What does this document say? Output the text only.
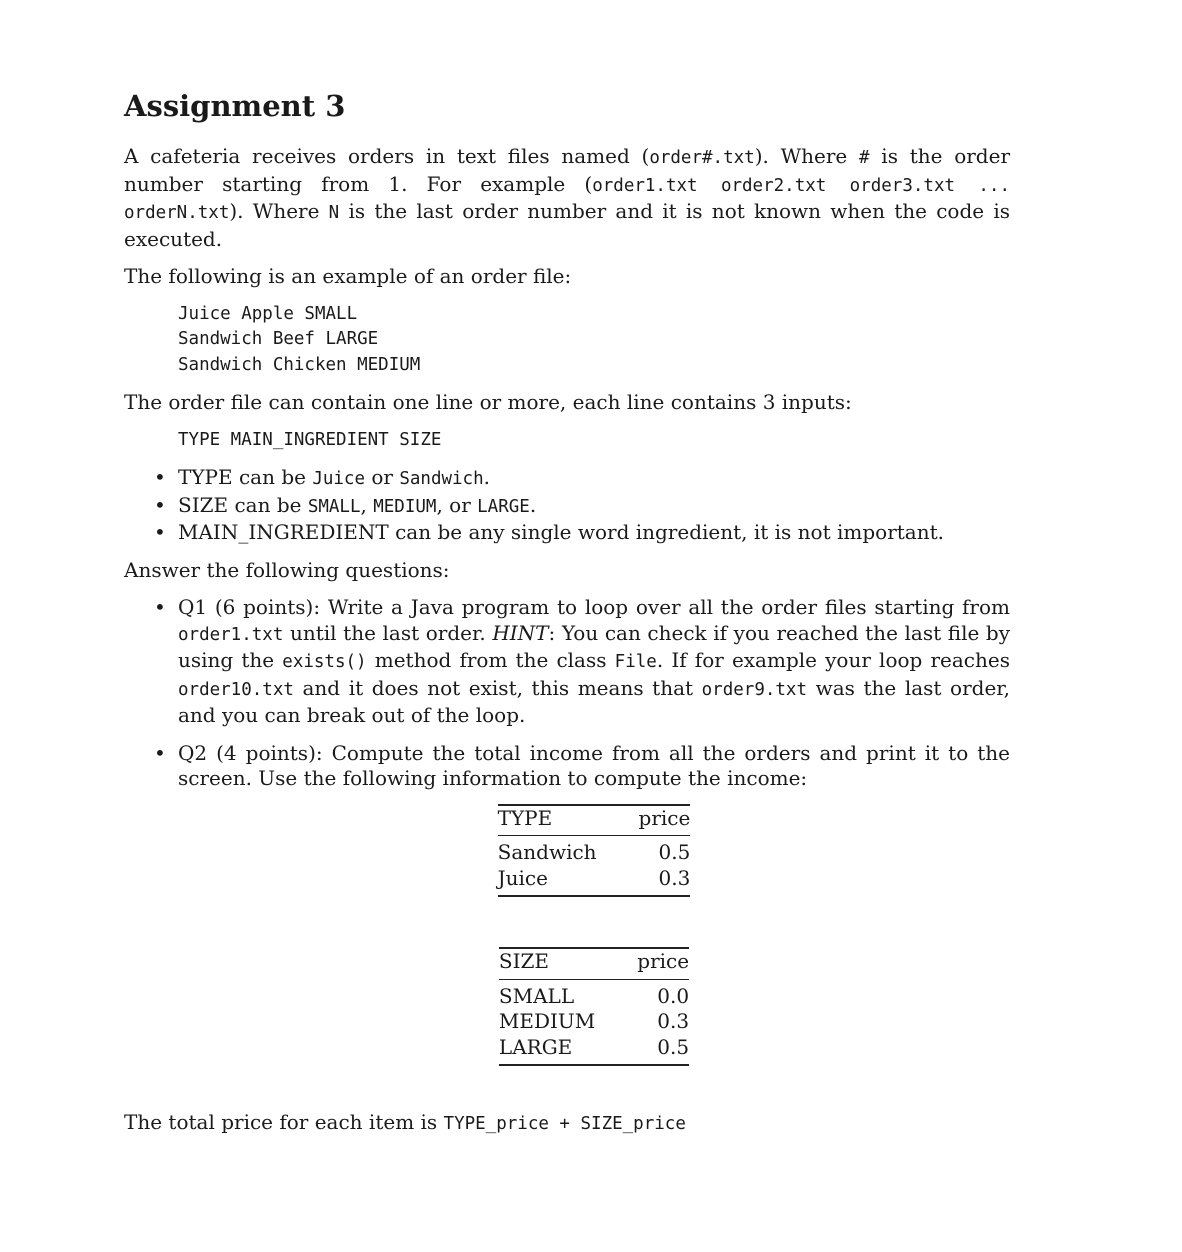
Assignment 3

A cafeteria receives orders in text files named (order#.txt). Where # is the order number starting from 1. For example (order1.txt order2.txt order3.txt ... orderN.txt). Where N is the last order number and it is not known when the code is executed.

The following is an example of an order file:

Juice Apple SMALL
Sandwich Beef LARGE
Sandwich Chicken MEDIUM

The order file can contain one line or more, each line contains 3 inputs:

TYPE MAIN_INGREDIENT SIZE
• TYPE can be Juice or Sandwich.
• SIZE can be SMALL, MEDIUM, or LARGE.
• MAIN_INGREDIENT can be any single word ingredient, it is not important.

Answer the following questions:

• Q1 (6 points): Write a Java program to loop over all the order files starting from order1.txt until the last order. HINT: You can check if you reached the last file by using the exists() method from the class File. If for example your loop reaches order10.txt and it does not exist, this means that order9.txt was the last order, and you can break out of the loop.
• Q2 (4 points): Compute the total income from all the orders and print it to the screen. Use the following information to compute the income:
TYPE	price
Sandwich	0.5
Juice	0.3
SIZE	price
SMALL	0.0
MEDIUM	0.3
LARGE	0.5

The total price for each item is TYPE_price + SIZE_price
